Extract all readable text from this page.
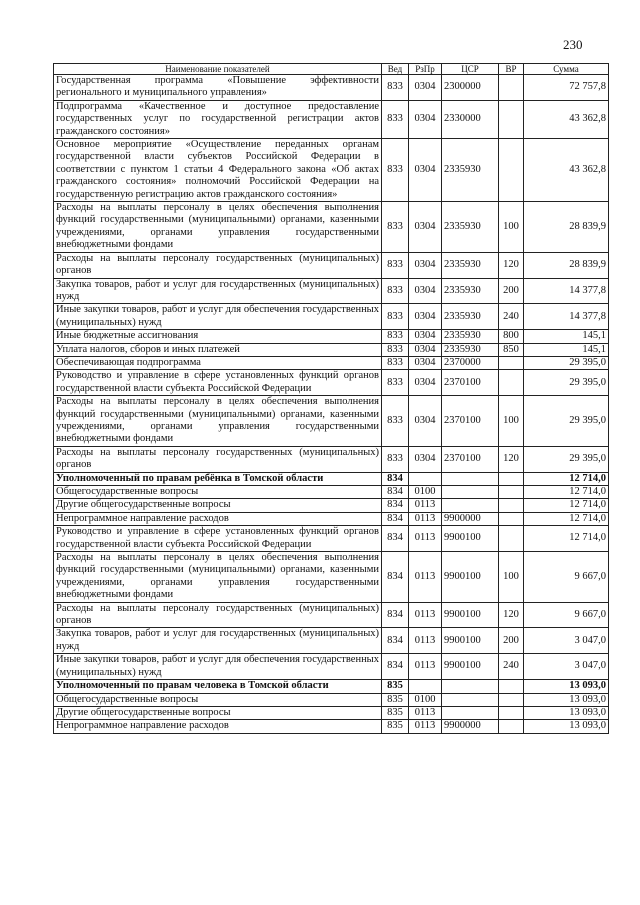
230
Наименование показателей	Вед	РзПр	ЦСР	ВР	Сумма
Государственная программа «Повышение эффективности регионального и муниципального управления»	833	0304	2300000		72 757,8
Подпрограмма «Качественное и доступное предоставление государственных услуг по государственной регистрации актов гражданского состояния»	833	0304	2330000		43 362,8
Основное мероприятие «Осуществление переданных органам государственной власти субъектов Российской Федерации в соответствии с пунктом 1 статьи 4 Федерального закона «Об актах гражданского состояния» полномочий Российской Федерации на государственную регистрацию актов гражданского состояния»	833	0304	2335930		43 362,8
Расходы на выплаты персоналу в целях обеспечения выполнения функций государственными (муниципальными) органами, казенными учреждениями, органами управления государственными внебюджетными фондами	833	0304	2335930	100	28 839,9
Расходы на выплаты персоналу государственных (муниципальных) органов	833	0304	2335930	120	28 839,9
Закупка товаров, работ и услуг для государственных (муниципальных) нужд	833	0304	2335930	200	14 377,8
Иные закупки товаров, работ и услуг для обеспечения государственных (муниципальных) нужд	833	0304	2335930	240	14 377,8
Иные бюджетные ассигнования	833	0304	2335930	800	145,1
Уплата налогов, сборов и иных платежей	833	0304	2335930	850	145,1
Обеспечивающая подпрограмма	833	0304	2370000		29 395,0
Руководство и управление в сфере установленных функций органов государственной власти субъекта Российской Федерации	833	0304	2370100		29 395,0
Расходы на выплаты персоналу в целях обеспечения выполнения функций государственными (муниципальными) органами, казенными учреждениями, органами управления государственными внебюджетными фондами	833	0304	2370100	100	29 395,0
Расходы на выплаты персоналу государственных (муниципальных) органов	833	0304	2370100	120	29 395,0
Уполномоченный по правам ребёнка в Томской области	834				12 714,0
Общегосударственные вопросы	834	0100			12 714,0
Другие общегосударственные вопросы	834	0113			12 714,0
Непрограммное направление расходов	834	0113	9900000		12 714,0
Руководство и управление в сфере установленных функций органов государственной власти субъекта Российской Федерации	834	0113	9900100		12 714,0
Расходы на выплаты персоналу в целях обеспечения выполнения функций государственными (муниципальными) органами, казенными учреждениями, органами управления государственными внебюджетными фондами	834	0113	9900100	100	9 667,0
Расходы на выплаты персоналу государственных (муниципальных) органов	834	0113	9900100	120	9 667,0
Закупка товаров, работ и услуг для государственных (муниципальных) нужд	834	0113	9900100	200	3 047,0
Иные закупки товаров, работ и услуг для обеспечения государственных (муниципальных) нужд	834	0113	9900100	240	3 047,0
Уполномоченный по правам человека в Томской области	835				13 093,0
Общегосударственные вопросы	835	0100			13 093,0
Другие общегосударственные вопросы	835	0113			13 093,0
Непрограммное направление расходов	835	0113	9900000		13 093,0
